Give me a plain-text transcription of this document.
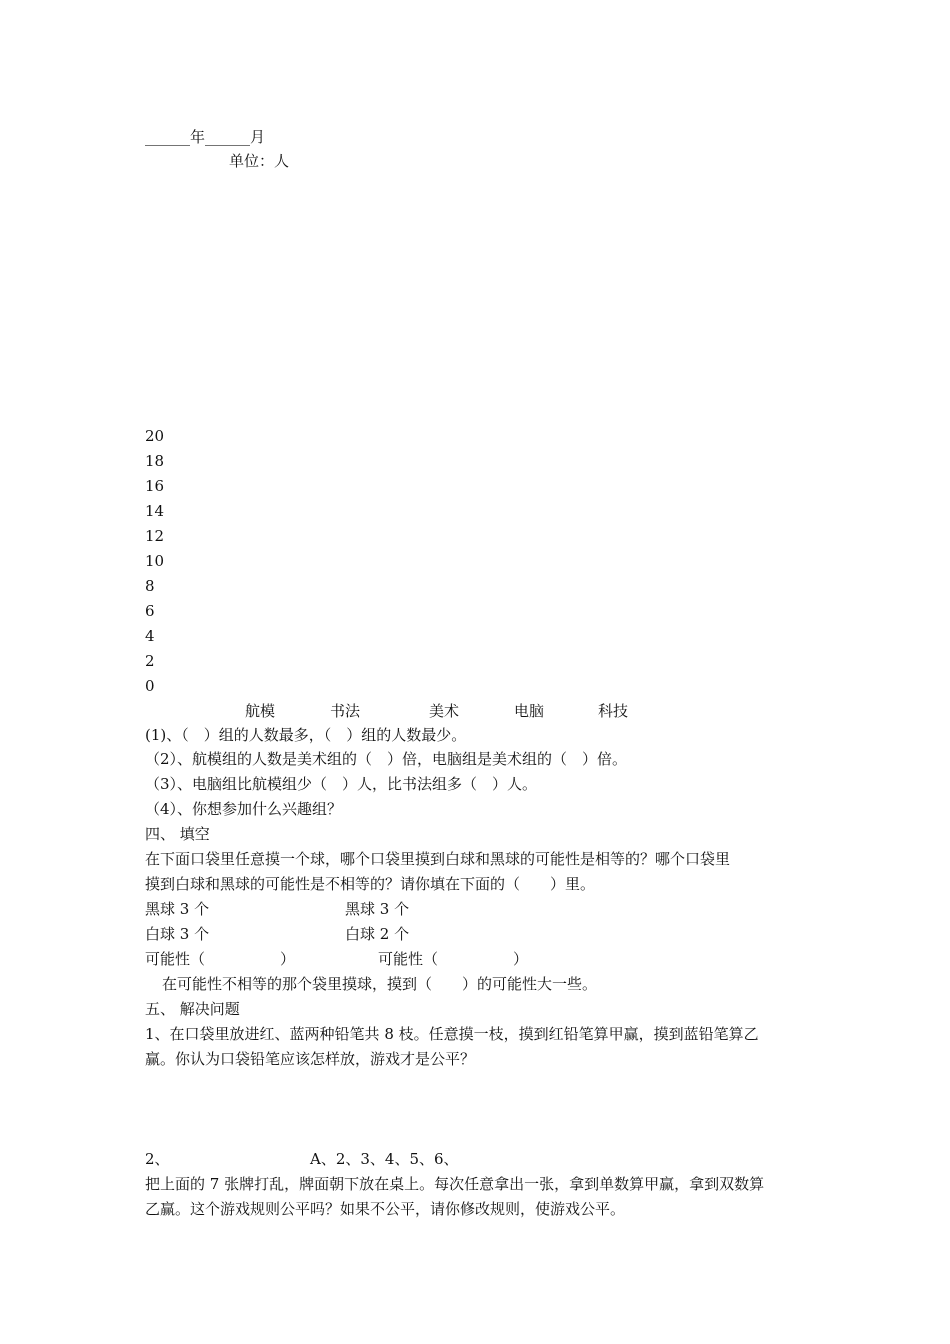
______年______月
单位：人
20
18
16
14
12
10
8
6
4
2
0
航模	书法	美术	电脑	科技
(1)、（　）组的人数最多，（　）组的人数最少。
（2）、航模组的人数是美术组的（　）倍，电脑组是美术组的（　）倍。
（3）、电脑组比航模组少（　）人，比书法组多（　）人。
（4）、你想参加什么兴趣组？
四、 填空
在下面口袋里任意摸一个球，哪个口袋里摸到白球和黑球的可能性是相等的？哪个口袋里
摸到白球和黑球的可能性是不相等的？请你填在下面的（　　）里。
黑球 3 个	黑球 3 个
白球 3 个	白球 2 个
可能性（　　　　　）	可能性（　　　　　）
在可能性不相等的那个袋里摸球，摸到（　　）的可能性大一些。
五、 解决问题
1、在口袋里放进红、蓝两种铅笔共 8 枝。任意摸一枝，摸到红铅笔算甲赢，摸到蓝铅笔算乙
赢。你认为口袋铅笔应该怎样放，游戏才是公平？
2、	A、2、3、4、5、6、
把上面的 7 张牌打乱，牌面朝下放在桌上。每次任意拿出一张，拿到单数算甲赢，拿到双数算
乙赢。这个游戏规则公平吗？如果不公平，请你修改规则，使游戏公平。
